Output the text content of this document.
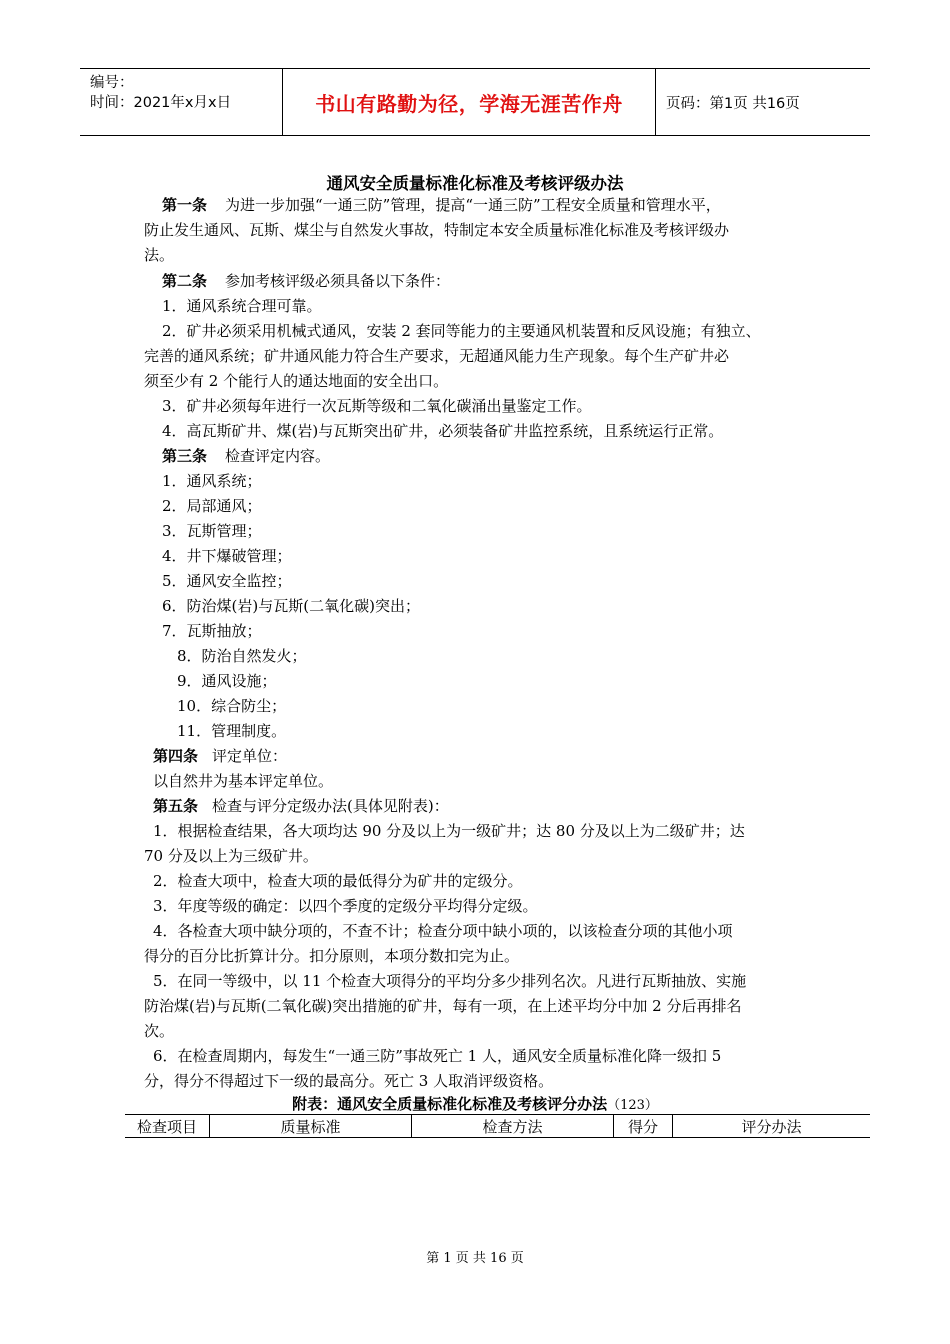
编号：
时间：2021年x月x日	书山有路勤为径，学海无涯苦作舟	页码：第1页 共16页
通风安全质量标准化标准及考核评级办法
第一条 为进一步加强“一通三防”管理，提高“一通三防”工程安全质量和管理水平，
防止发生通风、瓦斯、煤尘与自然发火事故，特制定本安全质量标准化标准及考核评级办
法。
第二条 参加考核评级必须具备以下条件：
1．通风系统合理可靠。
2．矿井必须采用机械式通风，安装 2 套同等能力的主要通风机装置和反风设施；有独立、
完善的通风系统；矿井通风能力符合生产要求，无超通风能力生产现象。每个生产矿井必
须至少有 2 个能行人的通达地面的安全出口。
3．矿井必须每年进行一次瓦斯等级和二氧化碳涌出量鉴定工作。
4．高瓦斯矿井、煤(岩)与瓦斯突出矿井，必须装备矿井监控系统，且系统运行正常。
第三条 检查评定内容。
1．通风系统；
2．局部通风；
3．瓦斯管理；
4．井下爆破管理；
5．通风安全监控；
6．防治煤(岩)与瓦斯(二氧化碳)突出；
7．瓦斯抽放；
8．防治自然发火；
9．通风设施；
10．综合防尘；
11．管理制度。
第四条 评定单位：
以自然井为基本评定单位。
第五条 检查与评分定级办法(具体见附表)：
1．根据检查结果，各大项均达 90 分及以上为一级矿井；达 80 分及以上为二级矿井；达
70 分及以上为三级矿井。
2．检查大项中，检查大项的最低得分为矿井的定级分。
3．年度等级的确定：以四个季度的定级分平均得分定级。
4．各检查大项中缺分项的，不查不计；检查分项中缺小项的，以该检查分项的其他小项
得分的百分比折算计分。扣分原则，本项分数扣完为止。
5．在同一等级中，以 11 个检查大项得分的平均分多少排列名次。凡进行瓦斯抽放、实施
防治煤(岩)与瓦斯(二氧化碳)突出措施的矿井，每有一项，在上述平均分中加 2 分后再排名
次。
6．在检查周期内，每发生“一通三防”事故死亡 1 人，通风安全质量标准化降一级扣 5
分，得分不得超过下一级的最高分。死亡 3 人取消评级资格。
附表：通风安全质量标准化标准及考核评分办法（123）
检查项目	质量标准	检查方法	得分	评分办法
第 1 页 共 16 页
